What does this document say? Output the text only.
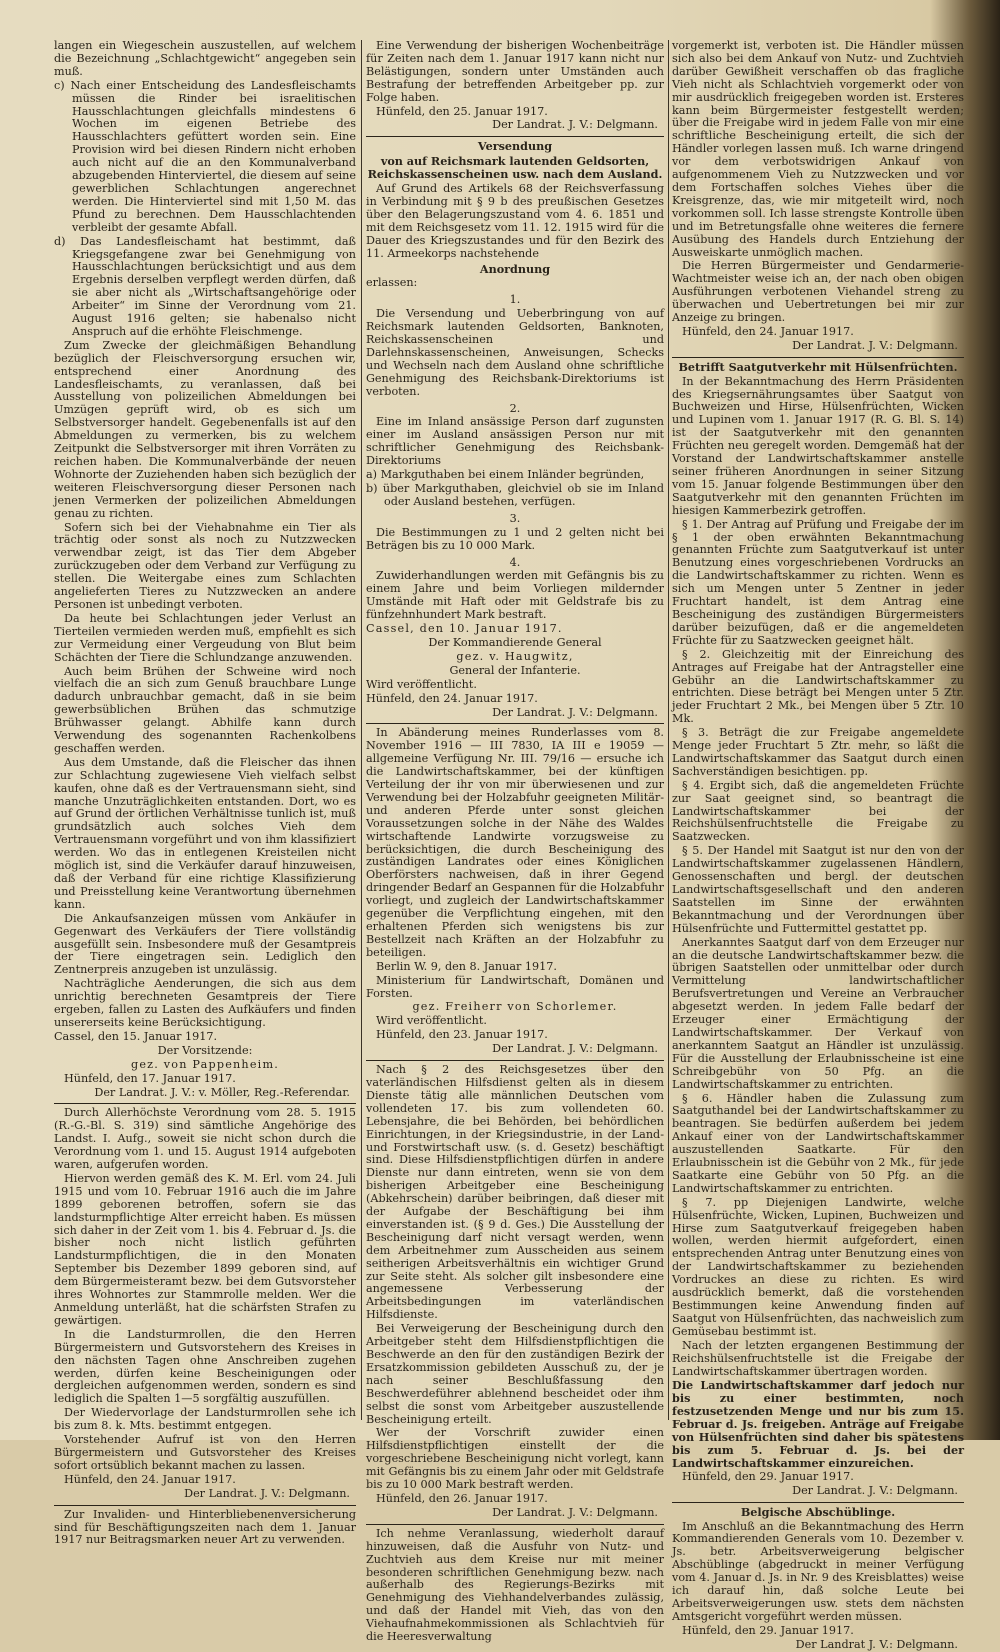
langen ein Wiegeschein auszustellen, auf welchem die Bezeichnung „Schlachtgewicht“ angegeben sein muß.

c) Nach einer Entscheidung des Landesfleischamts müssen die Rinder bei israelitischen Hausschlachtungen gleichfalls mindestens 6 Wochen im eigenen Betriebe des Hausschlachters gefüttert worden sein. Eine Provision wird bei diesen Rindern nicht erhoben auch nicht auf die an den Kommunalverband abzugebenden Hinterviertel, die diesem auf seine gewerblichen Schlachtungen angerechnet werden. Die Hinterviertel sind mit 1,50 M. das Pfund zu berechnen. Dem Hausschlachtenden verbleibt der gesamte Abfall.

d) Das Landesfleischamt hat bestimmt, daß Kriegsgefangene zwar bei Genehmigung von Hausschlachtungen berücksichtigt und aus dem Ergebnis derselben verpflegt werden dürfen, daß sie aber nicht als „Wirtschaftsangehörige oder Arbeiter“ im Sinne der Verordnung vom 21. August 1916 gelten; sie habenalso nicht Anspruch auf die erhöhte Fleischmenge.

Zum Zwecke der gleichmäßigen Behandlung bezüglich der Fleischversorgung ersuchen wir, entsprechend einer Anordnung des Landesfleischamts, zu veranlassen, daß bei Ausstellung von polizeilichen Abmeldungen bei Umzügen geprüft wird, ob es sich um Selbstversorger handelt. Gegebenenfalls ist auf den Abmeldungen zu vermerken, bis zu welchem Zeitpunkt die Selbstversorger mit ihren Vorräten zu reichen haben. Die Kommunalverbände der neuen Wohnorte der Zuziehenden haben sich bezüglich der weiteren Fleischversorgung dieser Personen nach jenen Vermerken der polizeilichen Abmeldungen genau zu richten.

Sofern sich bei der Viehabnahme ein Tier als trächtig oder sonst als noch zu Nutzzwecken verwendbar zeigt, ist das Tier dem Abgeber zurückzugeben oder dem Verband zur Verfügung zu stellen. Die Weitergabe eines zum Schlachten angelieferten Tieres zu Nutzzwecken an andere Personen ist unbedingt verboten.

Da heute bei Schlachtungen jeder Verlust an Tierteilen vermieden werden muß, empfiehlt es sich zur Vermeidung einer Vergeudung von Blut beim Schächten der Tiere die Schlundzange anzuwenden.

Auch beim Brühen der Schweine wird noch vielfach die an sich zum Genuß brauchbare Lunge dadurch unbrauchbar gemacht, daß in sie beim gewerbsüblichen Brühen das schmutzige Brühwasser gelangt. Abhilfe kann durch Verwendung des sogenannten Rachenkolbens geschaffen werden.

Aus dem Umstande, daß die Fleischer das ihnen zur Schlachtung zugewiesene Vieh vielfach selbst kaufen, ohne daß es der Vertrauensmann sieht, sind manche Unzuträglichkeiten entstanden. Dort, wo es auf Grund der örtlichen Verhältnisse tunlich ist, muß grundsätzlich auch solches Vieh dem Vertrauensmann vorgeführt und von ihm klassifiziert werden. Wo das in entlegenen Kreisteilen nicht möglich ist, sind die Verkäufer darauf hinzuweisen, daß der Verband für eine richtige Klassifizierung und Preisstellung keine Verantwortung übernehmen kann.

Die Ankaufsanzeigen müssen vom Ankäufer in Gegenwart des Verkäufers der Tiere vollständig ausgefüllt sein. Insbesondere muß der Gesamtpreis der Tiere eingetragen sein. Lediglich den Zentnerpreis anzugeben ist unzulässig.

Nachträgliche Aenderungen, die sich aus dem unrichtig berechneten Gesamtpreis der Tiere ergeben, fallen zu Lasten des Aufkäufers und finden unsererseits keine Berücksichtigung.

Cassel, den 15. Januar 1917.

Der Vorsitzende:

gez. von Pappenheim.

Hünfeld, den 17. Januar 1917.

Der Landrat. J. V.: v. Möller, Reg.-Referendar.

Durch Allerhöchste Verordnung vom 28. 5. 1915 (R.-G.-Bl. S. 319) sind sämtliche Angehörige des Landst. I. Aufg., soweit sie nicht schon durch die Verordnung vom 1. und 15. August 1914 aufgeboten waren, aufgerufen worden.

Hiervon werden gemäß des K. M. Erl. vom 24. Juli 1915 und vom 10. Februar 1916 auch die im Jahre 1899 geborenen betroffen, sofern sie das landsturmpflichtige Alter erreicht haben. Es müssen sich daher in der Zeit vom 1. bis 4. Februar d. Js. die bisher noch nicht listlich geführten Landsturmpflichtigen, die in den Monaten September bis Dezember 1899 geboren sind, auf dem Bürgermeisteramt bezw. bei dem Gutsvorsteher ihres Wohnortes zur Stammrolle melden. Wer die Anmeldung unterläßt, hat die schärfsten Strafen zu gewärtigen.

In die Landsturmrollen, die den Herren Bürgermeistern und Gutsvorstehern des Kreises in den nächsten Tagen ohne Anschreiben zugehen werden, dürfen keine Bescheinigungen oder dergleichen aufgenommen werden, sondern es sind lediglich die Spalten 1—5 sorgfältig auszufüllen.

Der Wiedervorlage der Landsturmrollen sehe ich bis zum 8. k. Mts. bestimmt entgegen.

Vorstehender Aufruf ist von den Herren Bürgermeistern und Gutsvorsteher des Kreises sofort ortsüblich bekannt machen zu lassen.

Hünfeld, den 24. Januar 1917.

Der Landrat. J. V.: Delgmann.

Zur Invaliden- und Hinterbliebenenversicherung sind für Beschäftigungszeiten nach dem 1. Januar 1917 nur Beitragsmarken neuer Art zu verwenden.

Eine Verwendung der bisherigen Wochenbeiträge für Zeiten nach dem 1. Januar 1917 kann nicht nur Belästigungen, sondern unter Umständen auch Bestrafung der betreffenden Arbeitgeber pp. zur Folge haben.

Hünfeld, den 25. Januar 1917.

Der Landrat. J. V.: Delgmann.

Versendung

von auf Reichsmark lautenden Geldsorten, Reichskassenscheinen usw. nach dem Ausland.

Auf Grund des Artikels 68 der Reichsverfassung in Verbindung mit § 9 b des preußischen Gesetzes über den Belagerungszustand vom 4. 6. 1851 und mit dem Reichsgesetz vom 11. 12. 1915 wird für die Dauer des Kriegszustandes und für den Bezirk des 11. Armeekorps nachstehende

Anordnung

erlassen:

1.

Die Versendung und Ueberbringung von auf Reichsmark lautenden Geldsorten, Banknoten, Reichskassenscheinen und Darlehnskassenscheinen, Anweisungen, Schecks und Wechseln nach dem Ausland ohne schriftliche Genehmigung des Reichsbank-Direktoriums ist verboten.

2.

Eine im Inland ansässige Person darf zugunsten einer im Ausland ansässigen Person nur mit schriftlicher Genehmigung des Reichsbank-Direktoriums

a) Markguthaben bei einem Inländer begründen,

b) über Markguthaben, gleichviel ob sie im Inland oder Ausland bestehen, verfügen.

3.

Die Bestimmungen zu 1 und 2 gelten nicht bei Beträgen bis zu 10 000 Mark.

4.

Zuwiderhandlungen werden mit Gefängnis bis zu einem Jahre und beim Vorliegen mildernder Umstände mit Haft oder mit Geldstrafe bis zu fünfzehnhundert Mark bestraft.

Cassel, den 10. Januar 1917.

Der Kommandierende General

gez. v. Haugwitz,

General der Infanterie.

Wird veröffentlicht.

Hünfeld, den 24. Januar 1917.

Der Landrat. J. V.: Delgmann.

In Abänderung meines Runderlasses vom 8. November 1916 — III 7830, IA III e 19059 — allgemeine Verfügung Nr. III. 79/16 — ersuche ich die Landwirtschaftskammer, bei der künftigen Verteilung der ihr von mir überwiesenen und zur Verwendung bei der Holzabfuhr geeigneten Militär- und anderen Pferde unter sonst gleichen Voraussetzungen solche in der Nähe des Waldes wirtschaftende Landwirte vorzugsweise zu berücksichtigen, die durch Bescheinigung des zuständigen Landrates oder eines Königlichen Oberförsters nachweisen, daß in ihrer Gegend dringender Bedarf an Gespannen für die Holzabfuhr vorliegt, und zugleich der Landwirtschaftskammer gegenüber die Verpflichtung eingehen, mit den erhaltenen Pferden sich wenigstens bis zur Bestellzeit nach Kräften an der Holzabfuhr zu beteiligen.

Berlin W. 9, den 8. Januar 1917.

Ministerium für Landwirtschaft, Domänen und Forsten.

gez. Freiherr von Schorlemer.

Wird veröffentlicht.

Hünfeld, den 23. Januar 1917.

Der Landrat. J. V.: Delgmann.

Nach § 2 des Reichsgesetzes über den vaterländischen Hilfsdienst gelten als in diesem Dienste tätig alle männlichen Deutschen vom vollendeten 17. bis zum vollendeten 60. Lebensjahre, die bei Behörden, bei behördlichen Einrichtungen, in der Kriegsindustrie, in der Land- und Forstwirtschaft usw. (s. d. Gesetz) beschäftigt sind. Diese Hilfsdienstpflichtigen dürfen in andere Dienste nur dann eintreten, wenn sie von dem bisherigen Arbeitgeber eine Bescheinigung (Abkehrschein) darüber beibringen, daß dieser mit der Aufgabe der Beschäftigung bei ihm einverstanden ist. (§ 9 d. Ges.) Die Ausstellung der Bescheinigung darf nicht versagt werden, wenn dem Arbeitnehmer zum Ausscheiden aus seinem seitherigen Arbeitsverhältnis ein wichtiger Grund zur Seite steht. Als solcher gilt insbesondere eine angemessene Verbesserung der Arbeitsbedingungen im vaterländischen Hilfsdienste.

Bei Verweigerung der Bescheinigung durch den Arbeitgeber steht dem Hilfsdienstpflichtigen die Beschwerde an den für den zuständigen Bezirk der Ersatzkommission gebildeten Ausschuß zu, der je nach seiner Beschlußfassung den Beschwerdeführer ablehnend bescheidet oder ihm selbst die sonst vom Arbeitgeber auszustellende Bescheinigung erteilt.

Wer der Vorschrift zuwider einen Hilfsdienstpflichtigen einstellt der die vorgeschriebene Bescheinigung nicht vorlegt, kann mit Gefängnis bis zu einem Jahr oder mit Geldstrafe bis zu 10 000 Mark bestraft werden.

Hünfeld, den 26. Januar 1917.

Der Landrat. J. V.: Delgmann.

Ich nehme Veranlassung, wiederholt darauf hinzuweisen, daß die Ausfuhr von Nutz- und Zuchtvieh aus dem Kreise nur mit meiner besonderen schriftlichen Genehmigung bezw. nach außerhalb des Regierungs-Bezirks mit Genehmigung des Viehhandelverbandes zulässig, und daß der Handel mit Vieh, das von den Viehaufnahmekommissionen als Schlachtvieh für die Heeresverwaltung

vorgemerkt ist, verboten ist. Die Händler müssen sich also bei dem Ankauf von Nutz- und Zuchtvieh darüber Gewißheit verschaffen ob das fragliche Vieh nicht als Schlachtvieh vorgemerkt oder von mir ausdrücklich freigegeben worden ist. Ersteres kann beim Bürgermeister festgestellt werden; über die Freigabe wird in jedem Falle von mir eine schriftliche Bescheinigung erteilt, die sich der Händler vorlegen lassen muß. Ich warne dringend vor dem verbotswidrigen Ankauf von aufgenommenem Vieh zu Nutzzwecken und vor dem Fortschaffen solches Viehes über die Kreisgrenze, das, wie mir mitgeteilt wird, noch vorkommen soll. Ich lasse strengste Kontrolle üben und im Betretungsfalle ohne weiteres die fernere Ausübung des Handels durch Entziehung der Ausweiskarte unmöglich machen.

Die Herren Bürgermeister und Gendarmerie-Wachtmeister weise ich an, der nach oben obigen Ausführungen verbotenen Viehandel streng zu überwachen und Uebertretungen bei mir zur Anzeige zu bringen.

Hünfeld, den 24. Januar 1917.

Der Landrat. J. V.: Delgmann.

Betrifft Saatgutverkehr mit Hülsenfrüchten.

In der Bekanntmachung des Herrn Präsidenten des Kriegsernährungsamtes über Saatgut von Buchweizen und Hirse, Hülsenfrüchten, Wicken und Lupinen vom 1. Januar 1917 (R. G. Bl. S. 14) ist der Saatgutverkehr mit den genannten Früchten neu geregelt worden. Demgemäß hat der Vorstand der Landwirtschaftskammer anstelle seiner früheren Anordnungen in seiner Sitzung vom 15. Januar folgende Bestimmungen über den Saatgutverkehr mit den genannten Früchten im hiesigen Kammerbezirk getroffen.

§ 1. Der Antrag auf Prüfung und Freigabe der im § 1 der oben erwähnten Bekanntmachung genannten Früchte zum Saatgutverkauf ist unter Benutzung eines vorgeschriebenen Vordrucks an die Landwirtschaftskammer zu richten. Wenn es sich um Mengen unter 5 Zentner in jeder Fruchtart handelt, ist dem Antrag eine Bescheinigung des zuständigen Bürgermeisters darüber beizufügen, daß er die angemeldeten Früchte für zu Saatzwecken geeignet hält.

§ 2. Gleichzeitig mit der Einreichung des Antrages auf Freigabe hat der Antragsteller eine Gebühr an die Landwirtschaftskammer zu entrichten. Diese beträgt bei Mengen unter 5 Ztr. jeder Fruchtart 2 Mk., bei Mengen über 5 Ztr. 10 Mk.

§ 3. Beträgt die zur Freigabe angemeldete Menge jeder Fruchtart 5 Ztr. mehr, so läßt die Landwirtschaftskammer das Saatgut durch einen Sachverständigen besichtigen. pp.

§ 4. Ergibt sich, daß die angemeldeten Früchte zur Saat geeignet sind, so beantragt die Landwirtschaftskammer bei der Reichshülsenfruchtstelle die Freigabe zu Saatzwecken.

§ 5. Der Handel mit Saatgut ist nur den von der Landwirtschaftskammer zugelassenen Händlern, Genossenschaften und bergl. der deutschen Landwirtschaftsgesellschaft und den anderen Saatstellen im Sinne der erwähnten Bekanntmachung und der Verordnungen über Hülsenfrüchte und Futtermittel gestattet pp.

Anerkanntes Saatgut darf von dem Erzeuger nur an die deutsche Landwirtschaftskammer bezw. die übrigen Saatstellen oder unmittelbar oder durch Vermittelung landwirtschaftlicher Berufsvertretungen und Vereine an Verbraucher abgesetzt werden. In jedem Falle bedarf der Erzeuger einer Ermächtigung der Landwirtschaftskammer. Der Verkauf von anerkanntem Saatgut an Händler ist unzulässig. Für die Ausstellung der Erlaubnisscheine ist eine Schreibgebühr von 50 Pfg. an die Landwirtschaftskammer zu entrichten.

§ 6. Händler haben die Zulassung zum Saatguthandel bei der Landwirtschaftskammer zu beantragen. Sie bedürfen außerdem bei jedem Ankauf einer von der Landwirtschaftskammer auszustellenden Saatkarte. Für den Erlaubnisschein ist die Gebühr von 2 Mk., für jede Saatkarte eine Gebühr von 50 Pfg. an die Landwirtschaftskammer zu entrichten.

§ 7. pp Diejenigen Landwirte, welche Hülsenfrüchte, Wicken, Lupinen, Buchweizen und Hirse zum Saatgutverkauf freigegeben haben wollen, werden hiermit aufgefordert, einen entsprechenden Antrag unter Benutzung eines von der Landwirtschaftskammer zu beziehenden Vordruckes an diese zu richten. Es wird ausdrücklich bemerkt, daß die vorstehenden Bestimmungen keine Anwendung finden auf Saatgut von Hülsenfrüchten, das nachweislich zum Gemüsebau bestimmt ist.

Nach der letzten ergangenen Bestimmung der Reichshülsenfruchtstelle ist die Freigabe der Landwirtschaftskammer übertragen worden.

Die Landwirtschaftskammer darf jedoch nur bis zu einer bestimmten, noch festzusetzenden Menge und nur bis zum 15. Februar d. Js. freigeben. Anträge auf Freigabe von Hülsenfrüchten sind daher bis spätestens bis zum 5. Februar d. Js. bei der Landwirtschaftskammer einzureichen.

Hünfeld, den 29. Januar 1917.

Der Landrat. J. V.: Delgmann.

Belgische Abschüblinge.

Im Anschluß an die Bekanntmachung des Herrn Kommandierenden Generals vom 10. Dezember v. Js. betr. Arbeitsverweigerung belgischer Abschüblinge (abgedruckt in meiner Verfügung vom 4. Januar d. Js. in Nr. 9 des Kreisblattes) weise ich darauf hin, daß solche Leute bei Arbeitsverweigerungen usw. stets dem nächsten Amtsgericht vorgeführt werden müssen.

Hünfeld, den 29. Januar 1917.

Der Landrat J. V.: Delgmann.
